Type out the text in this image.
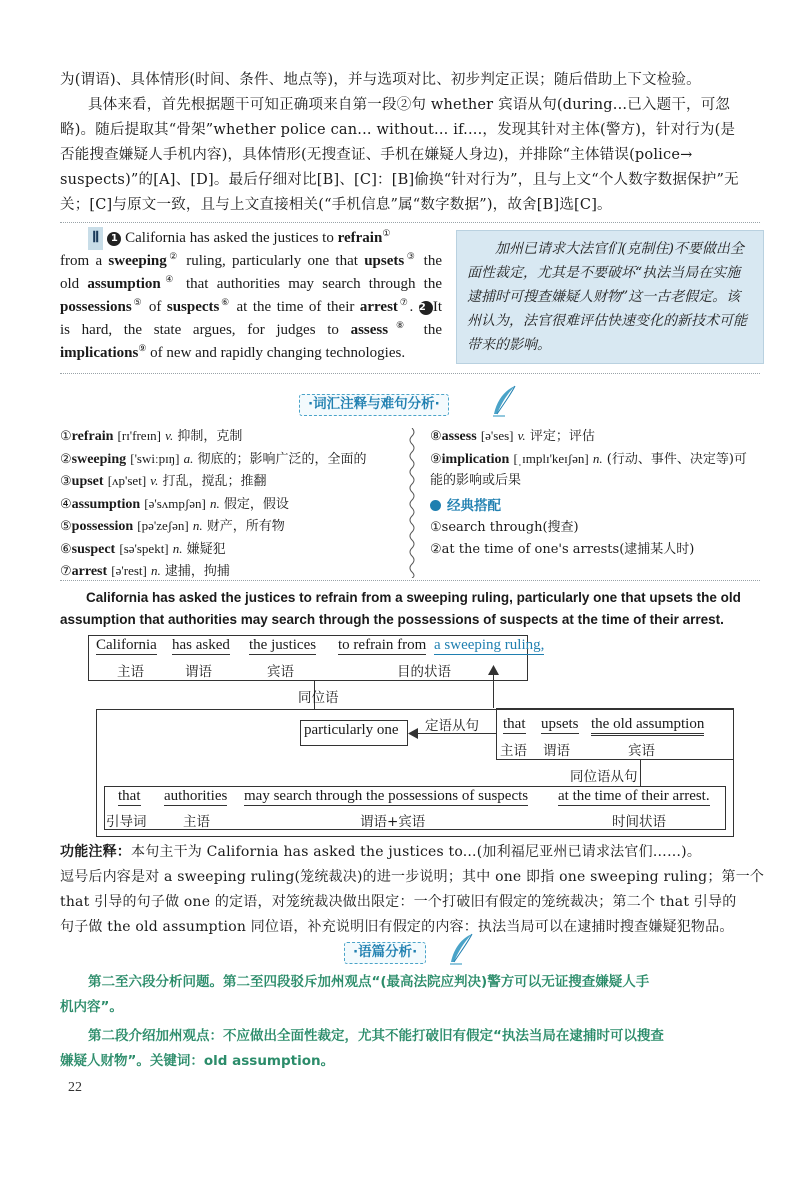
为(谓语)、具体情形(时间、条件、地点等)，并与选项对比、初步判定正误；随后借助上下文检验。
具体来看，首先根据题干可知正确项来自第一段②句 whether 宾语从句(during...已入题干，可忽
略)。随后提取其“骨架”whether police can... without... if....，发现其针对主体(警方)，针对行为(是
否能搜查嫌疑人手机内容)，具体情形(无搜查证、手机在嫌疑人身边)，并排除“主体错误(police→
suspects)”的[A]、[D]。最后仔细对比[B]、[C]：[B]偷换“针对行为”，且与上文“个人数字数据保护”无
关；[C]与原文一致，且与上文直接相关(“手机信息”属“数字数据”)，故舍[B]选[C]。
Ⅱ 1 California has asked the justices to refrain①
from a sweeping② ruling, particularly one that upsets③ the
old assumption④ that authorities may search through the
possessions⑤ of suspects⑥ at the time of their arrest⑦. 2 It
is hard, the state argues, for judges to assess⑧ the
implications⑨ of new and rapidly changing technologies.
加州已请求大法官们(克制住)不要做出全面性裁定，尤其是不要破坏“执法当局在实施逮捕时可搜查嫌疑人财物”这一古老假定。该州认为，法官很难评估快速变化的新技术可能带来的影响。
·词汇注释与难句分析·
①refrain [rɪ'freɪn] v. 抑制，克制
②sweeping ['swiːpɪŋ] a. 彻底的；影响广泛的，全面的
③upset [ʌp'set] v. 打乱，搅乱；推翻
④assumption [ə'sʌmpʃən] n. 假定，假设
⑤possession [pə'zeʃən] n. 财产，所有物
⑥suspect [sə'spekt] n. 嫌疑犯
⑦arrest [ə'rest] n. 逮捕，拘捕
⑧assess [ə'ses] v. 评定；评估
⑨implication [ˌɪmplɪ'keɪʃən] n. (行动、事件、决定等)可
能的影响或后果
经典搭配
①search through(搜查)
②at the time of one's arrests(逮捕某人时)
California has asked the justices to refrain from a sweeping ruling, particularly one that upsets the old
assumption that authorities may search through the possessions of suspects at the time of their arrest.
California has asked the justices to refrain from a sweeping ruling,
主语	谓语	宾语	目的状语
同位语
particularly one 定语从句 that upsets the old assumption
主语 谓语	宾语
同位语从句
that authorities may search through the possessions of suspects at the time of their arrest.
引导词	主语	谓语+宾语	时间状语
功能注释：本句主干为 California has asked the justices to...(加利福尼亚州已请求法官们……)。
逗号后内容是对 a sweeping ruling(笼统裁决)的进一步说明；其中 one 即指 one sweeping ruling；第一个
that 引导的句子做 one 的定语，对笼统裁决做出限定：一个打破旧有假定的笼统裁决；第二个 that 引导的
句子做 the old assumption 同位语，补充说明旧有假定的内容：执法当局可以在逮捕时搜查嫌疑犯物品。
·语篇分析·
第二至六段分析问题。第二至四段驳斥加州观点“(最高法院应判决)警方可以无证搜查嫌疑人手
机内容”。
第二段介绍加州观点：不应做出全面性裁定，尤其不能打破旧有假定“执法当局在逮捕时可以搜查
嫌疑人财物”。关键词：old assumption。
22
